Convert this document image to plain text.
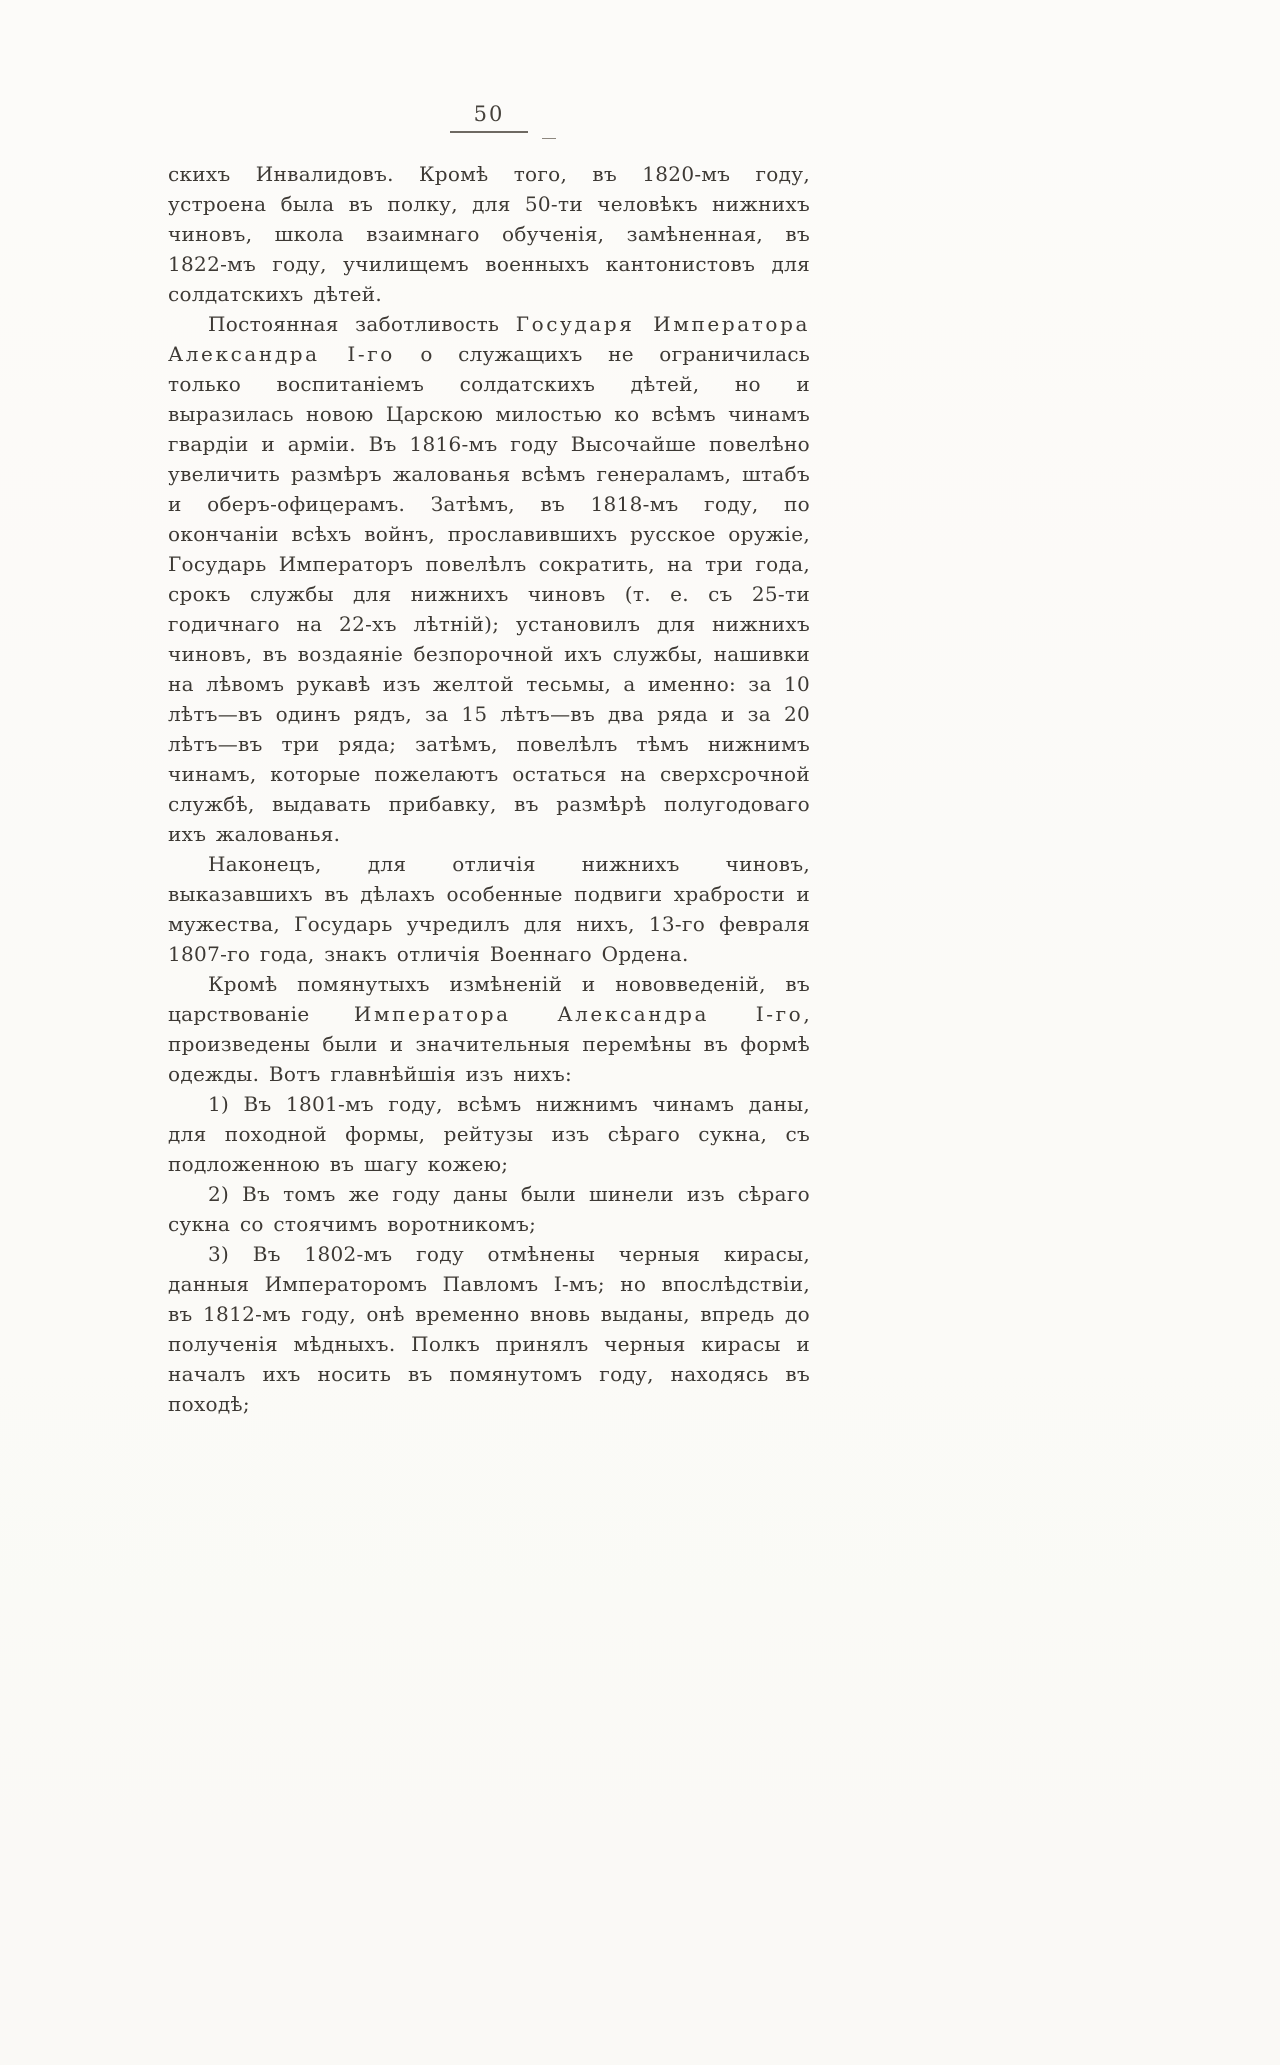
50

скихъ Инвалидовъ. Кромѣ того, въ 1820-мъ году, устроена была въ полку, для 50-ти человѣкъ нижнихъ чиновъ, школа взаимнаго обученія, замѣненная, въ 1822-мъ году, училищемъ военныхъ кантонистовъ для солдатскихъ дѣтей.

Постоянная заботливость Государя Императора Александра I-го о служащихъ не ограничилась только воспитаніемъ солдатскихъ дѣтей, но и выразилась новою Царскою милостью ко всѣмъ чинамъ гвардіи и арміи. Въ 1816-мъ году Высочайше повелѣно увеличить размѣръ жалованья всѣмъ генераламъ, штабъ и оберъ-офицерамъ. Затѣмъ, въ 1818-мъ году, по окончаніи всѣхъ войнъ, прославившихъ русское оружіе, Государь Императоръ повелѣлъ сократить, на три года, срокъ службы для нижнихъ чиновъ (т. е. съ 25-ти годичнаго на 22-хъ лѣтній); установилъ для нижнихъ чиновъ, въ воздаяніе безпорочной ихъ службы, нашивки на лѣвомъ рукавѣ изъ желтой тесьмы, а именно: за 10 лѣтъ—въ одинъ рядъ, за 15 лѣтъ—въ два ряда и за 20 лѣтъ—въ три ряда; затѣмъ, повелѣлъ тѣмъ нижнимъ чинамъ, которые пожелаютъ остаться на сверхсрочной службѣ, выдавать прибавку, въ размѣрѣ полугодоваго ихъ жалованья.

Наконецъ, для отличія нижнихъ чиновъ, выказавшихъ въ дѣлахъ особенные подвиги храбрости и мужества, Государь учредилъ для нихъ, 13-го февраля 1807-го года, знакъ отличія Военнаго Ордена.

Кромѣ помянутыхъ измѣненій и нововведеній, въ царствованіе Императора Александра I-го, произведены были и значительныя перемѣны въ формѣ одежды. Вотъ главнѣйшія изъ нихъ:

1) Въ 1801-мъ году, всѣмъ нижнимъ чинамъ даны, для походной формы, рейтузы изъ сѣраго сукна, съ подложенною въ шагу кожею;

2) Въ томъ же году даны были шинели изъ сѣраго сукна со стоячимъ воротникомъ;

3) Въ 1802-мъ году отмѣнены черныя кирасы, данныя Императоромъ Павломъ I-мъ; но впослѣдствіи, въ 1812-мъ году, онѣ временно вновь выданы, впредь до полученія мѣдныхъ. Полкъ принялъ черныя кирасы и началъ ихъ носить въ помянутомъ году, находясь въ походѣ;
